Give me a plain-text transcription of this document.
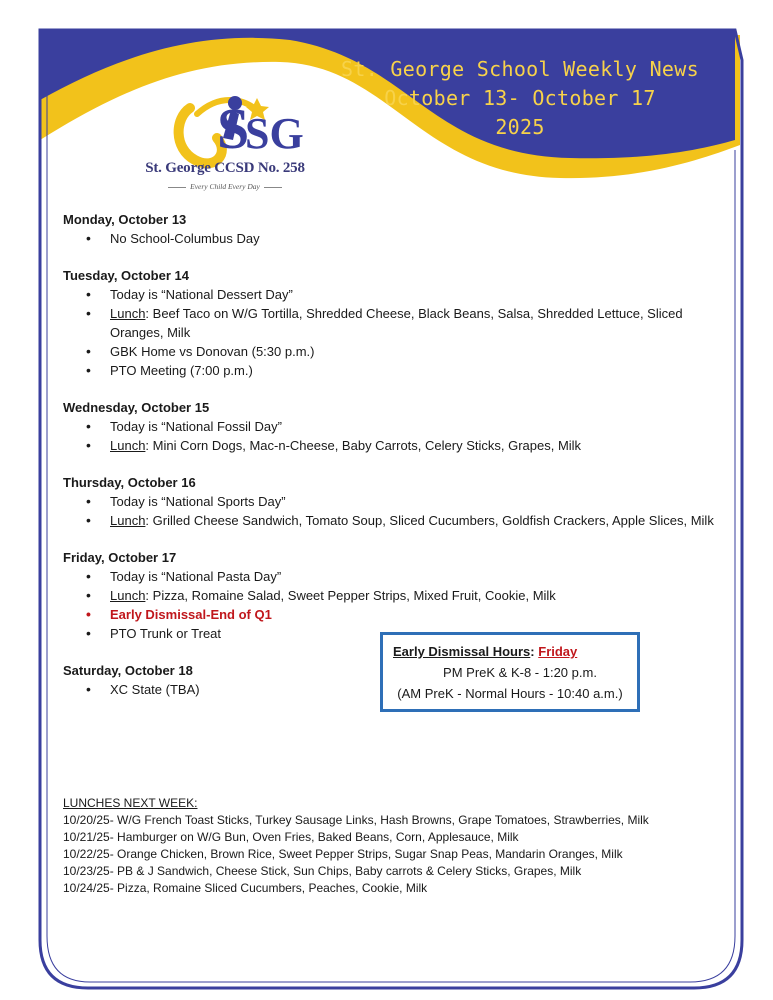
S
SG
St. George CCSD No. 258
Every Child Every Day
St. George School Weekly News
October 13- October 17
2025
Monday, October 13
• No School-Columbus Day
Tuesday, October 14
• Today is “National Dessert Day”
• Lunch: Beef Taco on W/G Tortilla, Shredded Cheese, Black Beans, Salsa, Shredded Lettuce, Sliced Oranges, Milk
• GBK Home vs Donovan (5:30 p.m.)
• PTO Meeting (7:00 p.m.)
Wednesday, October 15
• Today is “National Fossil Day”
• Lunch: Mini Corn Dogs, Mac-n-Cheese, Baby Carrots, Celery Sticks, Grapes, Milk
Thursday, October 16
• Today is “National Sports Day”
• Lunch: Grilled Cheese Sandwich, Tomato Soup, Sliced Cucumbers, Goldfish Crackers, Apple Slices, Milk
Friday, October 17
• Today is “National Pasta Day”
• Lunch: Pizza, Romaine Salad, Sweet Pepper Strips, Mixed Fruit, Cookie, Milk
• Early Dismissal-End of Q1
• PTO Trunk or Treat
Saturday, October 18
• XC State (TBA)
Early Dismissal Hours: Friday
PM PreK & K-8 - 1:20 p.m.
(AM PreK - Normal Hours - 10:40 a.m.)
LUNCHES NEXT WEEK:
10/20/25- W/G French Toast Sticks, Turkey Sausage Links, Hash Browns, Grape Tomatoes, Strawberries, Milk
10/21/25- Hamburger on W/G Bun, Oven Fries, Baked Beans, Corn, Applesauce, Milk
10/22/25- Orange Chicken, Brown Rice, Sweet Pepper Strips, Sugar Snap Peas, Mandarin Oranges, Milk
10/23/25- PB & J Sandwich, Cheese Stick, Sun Chips, Baby carrots & Celery Sticks, Grapes, Milk
10/24/25- Pizza, Romaine Sliced Cucumbers, Peaches, Cookie, Milk
